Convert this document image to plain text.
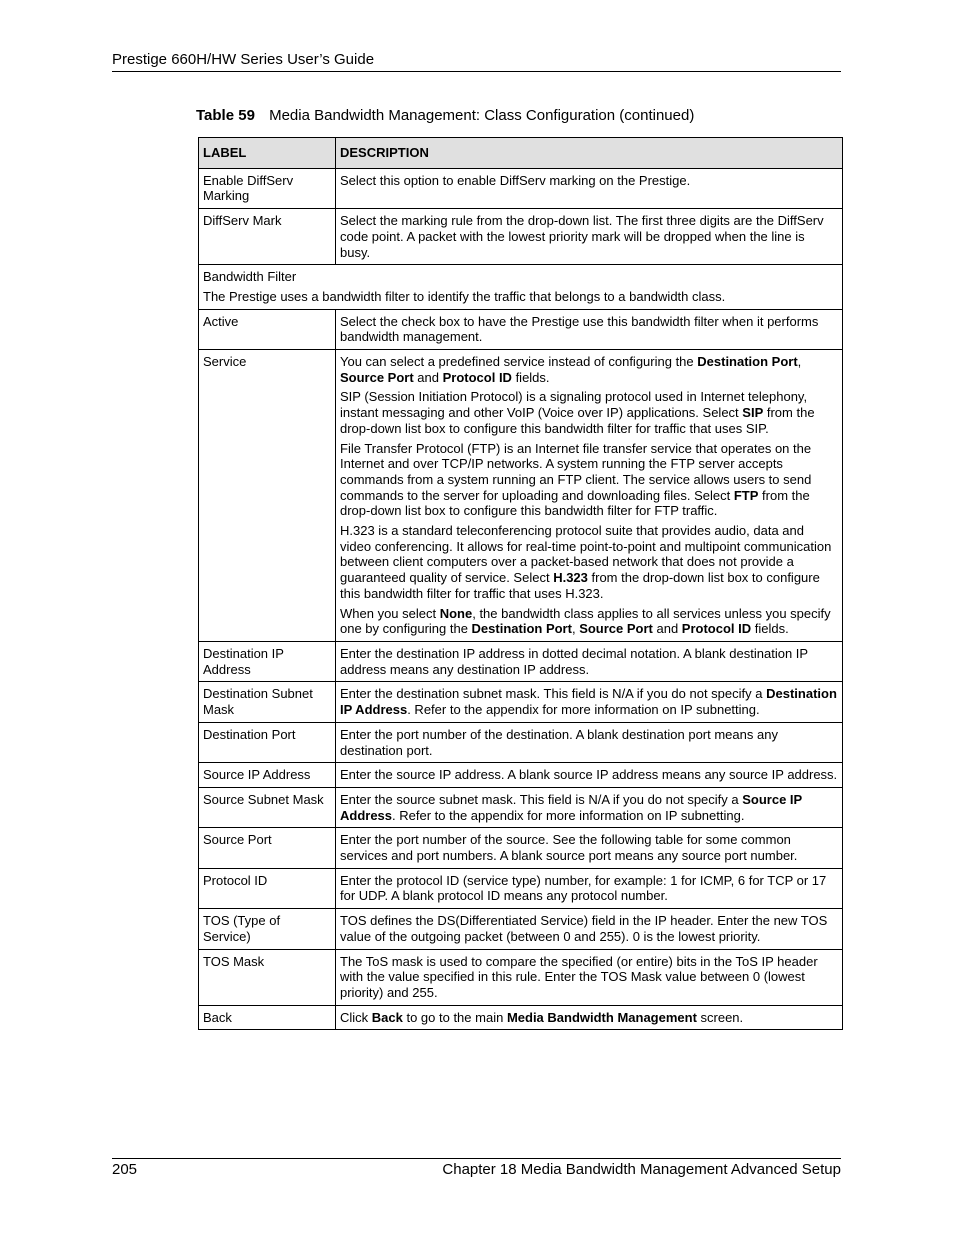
Prestige 660H/HW Series User’s Guide
Table 59 Media Bandwidth Management: Class Configuration (continued)
LABEL	DESCRIPTION
Enable DiffServ Marking	Select this option to enable DiffServ marking on the Prestige.

DiffServ Mark	Select the marking rule from the drop-down list. The first three digits are the DiffServ code point. A packet with the lowest priority mark will be dropped when the line is busy.

Bandwidth Filter
The Prestige uses a bandwidth filter to identify the traffic that belongs to a bandwidth class.	

Active	Select the check box to have the Prestige use this bandwidth filter when it performs bandwidth management.

Service	You can select a predefined service instead of configuring the Destination Port, Source Port and Protocol ID fields.
SIP (Session Initiation Protocol) is a signaling protocol used in Internet telephony, instant messaging and other VoIP (Voice over IP) applications. Select SIP from the drop-down list box to configure this bandwidth filter for traffic that uses SIP.
File Transfer Protocol (FTP) is an Internet file transfer service that operates on the Internet and over TCP/IP networks. A system running the FTP server accepts commands from a system running an FTP client. The service allows users to send commands to the server for uploading and downloading files. Select FTP from the drop-down list box to configure this bandwidth filter for FTP traffic.
H.323 is a standard teleconferencing protocol suite that provides audio, data and video conferencing. It allows for real-time point-to-point and multipoint communication between client computers over a packet-based network that does not provide a guaranteed quality of service. Select H.323 from the drop-down list box to configure this bandwidth filter for traffic that uses H.323.
When you select None, the bandwidth class applies to all services unless you specify one by configuring the Destination Port, Source Port and Protocol ID fields.

Destination IP Address	Enter the destination IP address in dotted decimal notation. A blank destination IP address means any destination IP address.

Destination Subnet Mask	Enter the destination subnet mask. This field is N/A if you do not specify a Destination IP Address. Refer to the appendix for more information on IP subnetting.

Destination Port	Enter the port number of the destination. A blank destination port means any destination port.

Source IP Address	Enter the source IP address. A blank source IP address means any source IP address.

Source Subnet Mask	Enter the source subnet mask. This field is N/A if you do not specify a Source IP Address. Refer to the appendix for more information on IP subnetting.

Source Port	Enter the port number of the source. See the following table for some common services and port numbers. A blank source port means any source port number.

Protocol ID	Enter the protocol ID (service type) number, for example: 1 for ICMP, 6 for TCP or 17 for UDP. A blank protocol ID means any protocol number.

TOS (Type of Service)	TOS defines the DS(Differentiated Service) field in the IP header. Enter the new TOS value of the outgoing packet (between 0 and 255). 0 is the lowest priority.

TOS Mask	The ToS mask is used to compare the specified (or entire) bits in the ToS IP header with the value specified in this rule. Enter the TOS Mask value between 0 (lowest priority) and 255.

Back	Click Back to go to the main Media Bandwidth Management screen.
205	Chapter 18 Media Bandwidth Management Advanced Setup
